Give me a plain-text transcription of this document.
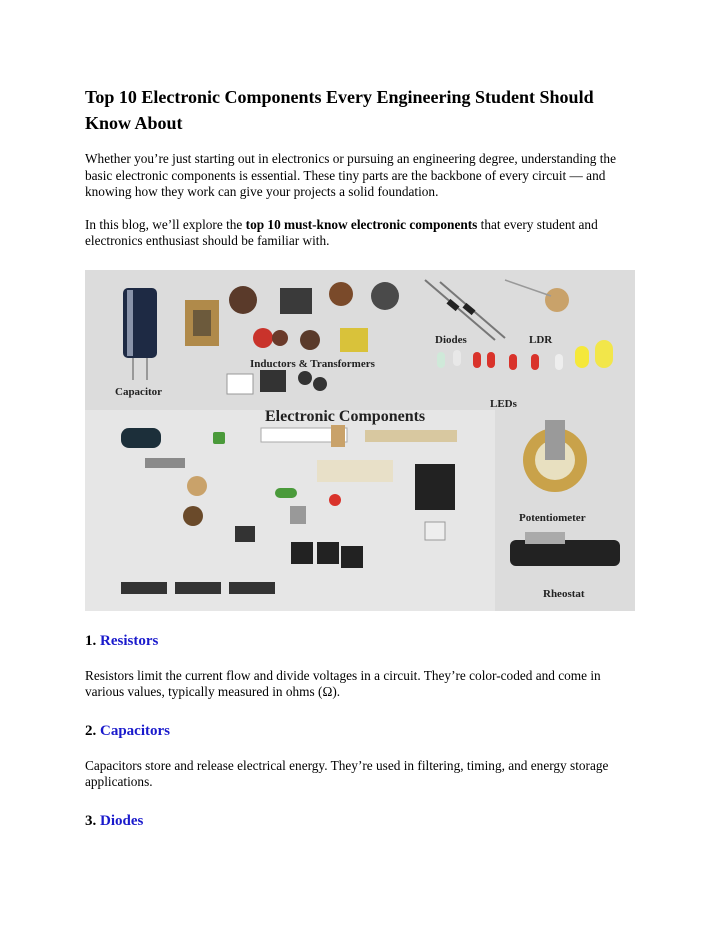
Top 10 Electronic Components Every Engineering Student Should Know About

Whether you’re just starting out in electronics or pursuing an engineering degree, understanding the basic electronic components is essential. These tiny parts are the backbone of every circuit — and knowing how they work can give your projects a solid foundation.

In this blog, we’ll explore the top 10 must-know electronic components that every student and electronics enthusiast should be familiar with.

Electronic Components
Capacitor
Inductors & Transformers
Diodes	LDR
LEDs
Potentiometer
Rheostat
1. Resistors

Resistors limit the current flow and divide voltages in a circuit. They’re color-coded and come in various values, typically measured in ohms (Ω).

2. Capacitors

Capacitors store and release electrical energy. They’re used in filtering, timing, and energy storage applications.

3. Diodes
